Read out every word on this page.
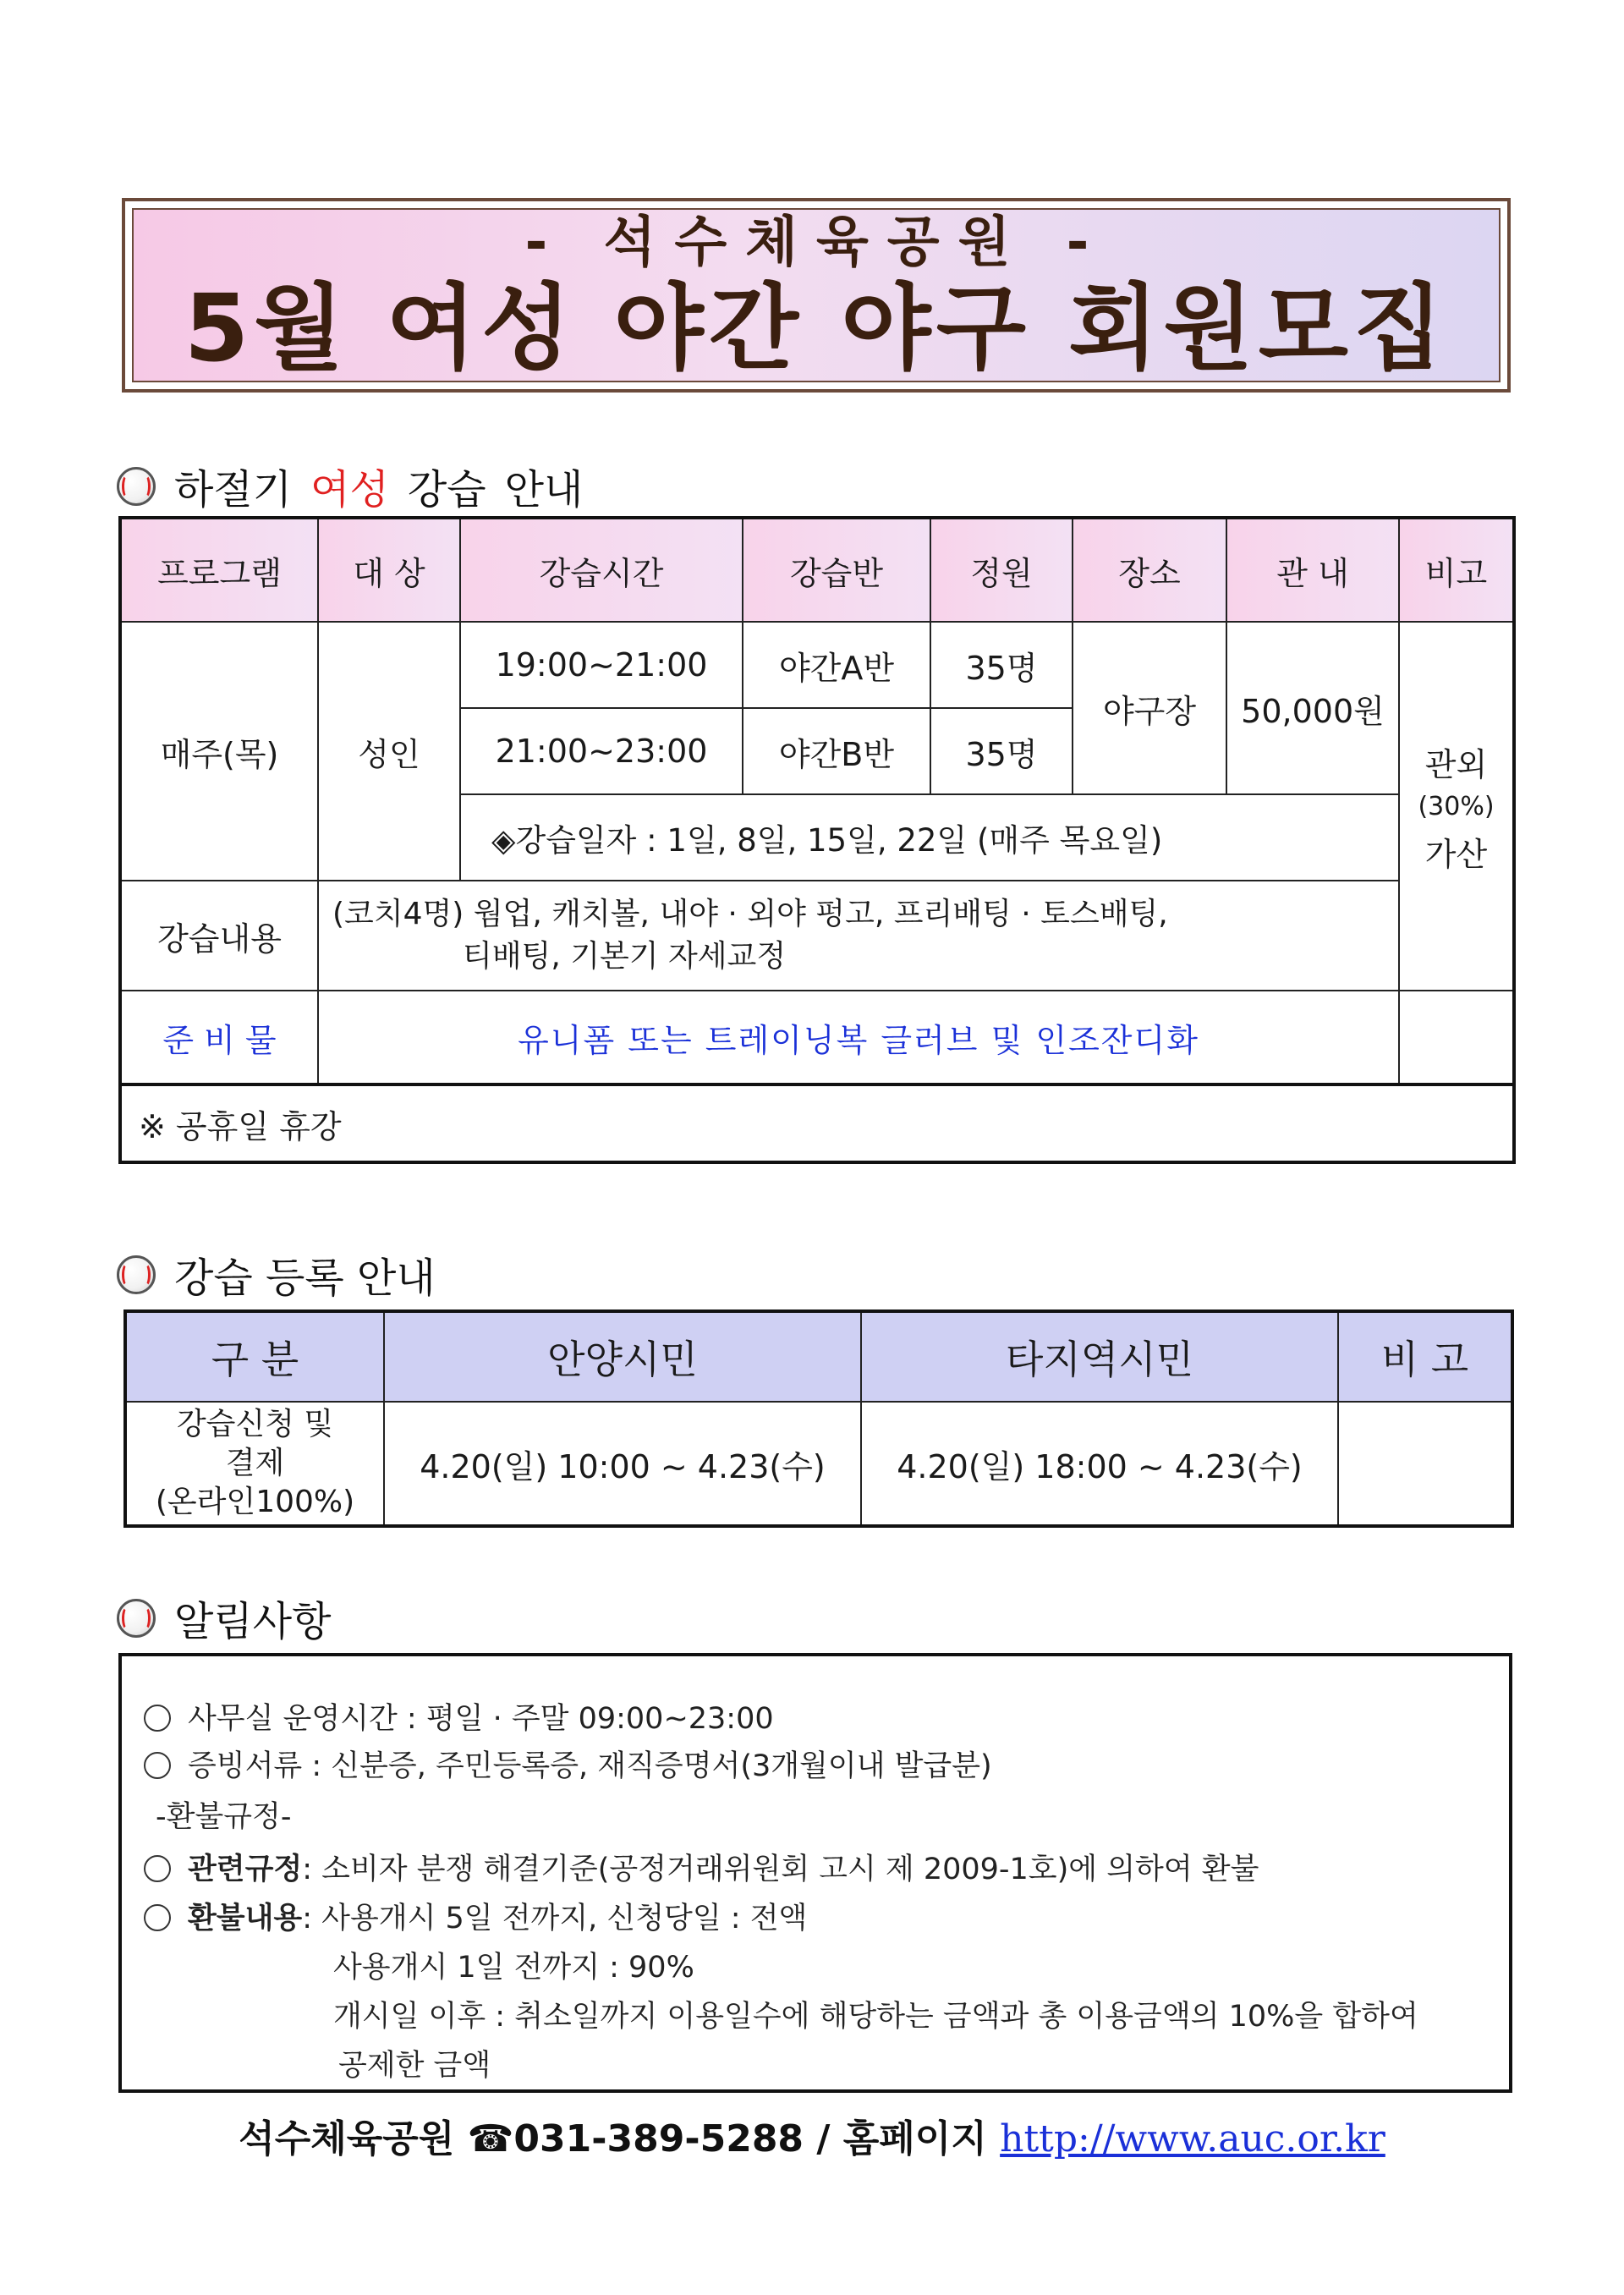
- 석수체육공원 -
5월 여성 야간 야구 회원모집
하절기 여성 강습 안내
프로그램	대 상	강습시간	강습반	정원	장소	관 내	비고
매주(목)	성인	19:00~21:00	야간A반	35명	야구장	50,000원	관외
(30%)
가산

		21:00~23:00	야간B반	35명			
		◈강습일자 : 1일, 8일, 15일, 22일 (매주 목요일)					
강습내용	(코치4명) 웜업, 캐치볼, 내야 · 외야 펑고, 프리배팅 · 토스배팅,
티배팅, 기본기 자세교정						

준 비 물	유니폼 또는 트레이닝복 글러브 및 인조잔디화						
※ 공휴일 휴강							
강습 등록 안내
구 분	안양시민	타지역시민	비 고

강습신청 및
결제
(온라인100%)	4.20(일) 10:00 ~ 4.23(수)	4.20(일) 18:00 ~ 4.23(수)	
알림사항
사무실 운영시간 : 평일 · 주말 09:00~23:00
증빙서류 : 신분증, 주민등록증, 재직증명서(3개월이내 발급분)
-환불규정-
관련규정: 소비자 분쟁 해결기준(공정거래위원회 고시 제 2009-1호)에 의하여 환불
환불내용: 사용개시 5일 전까지, 신청당일 : 전액
사용개시 1일 전까지 : 90%
개시일 이후 : 취소일까지 이용일수에 해당하는 금액과 총 이용금액의 10%을 합하여
공제한 금액
석수체육공원 ☎031-389-5288 / 홈페이지 http://www.auc.or.kr
